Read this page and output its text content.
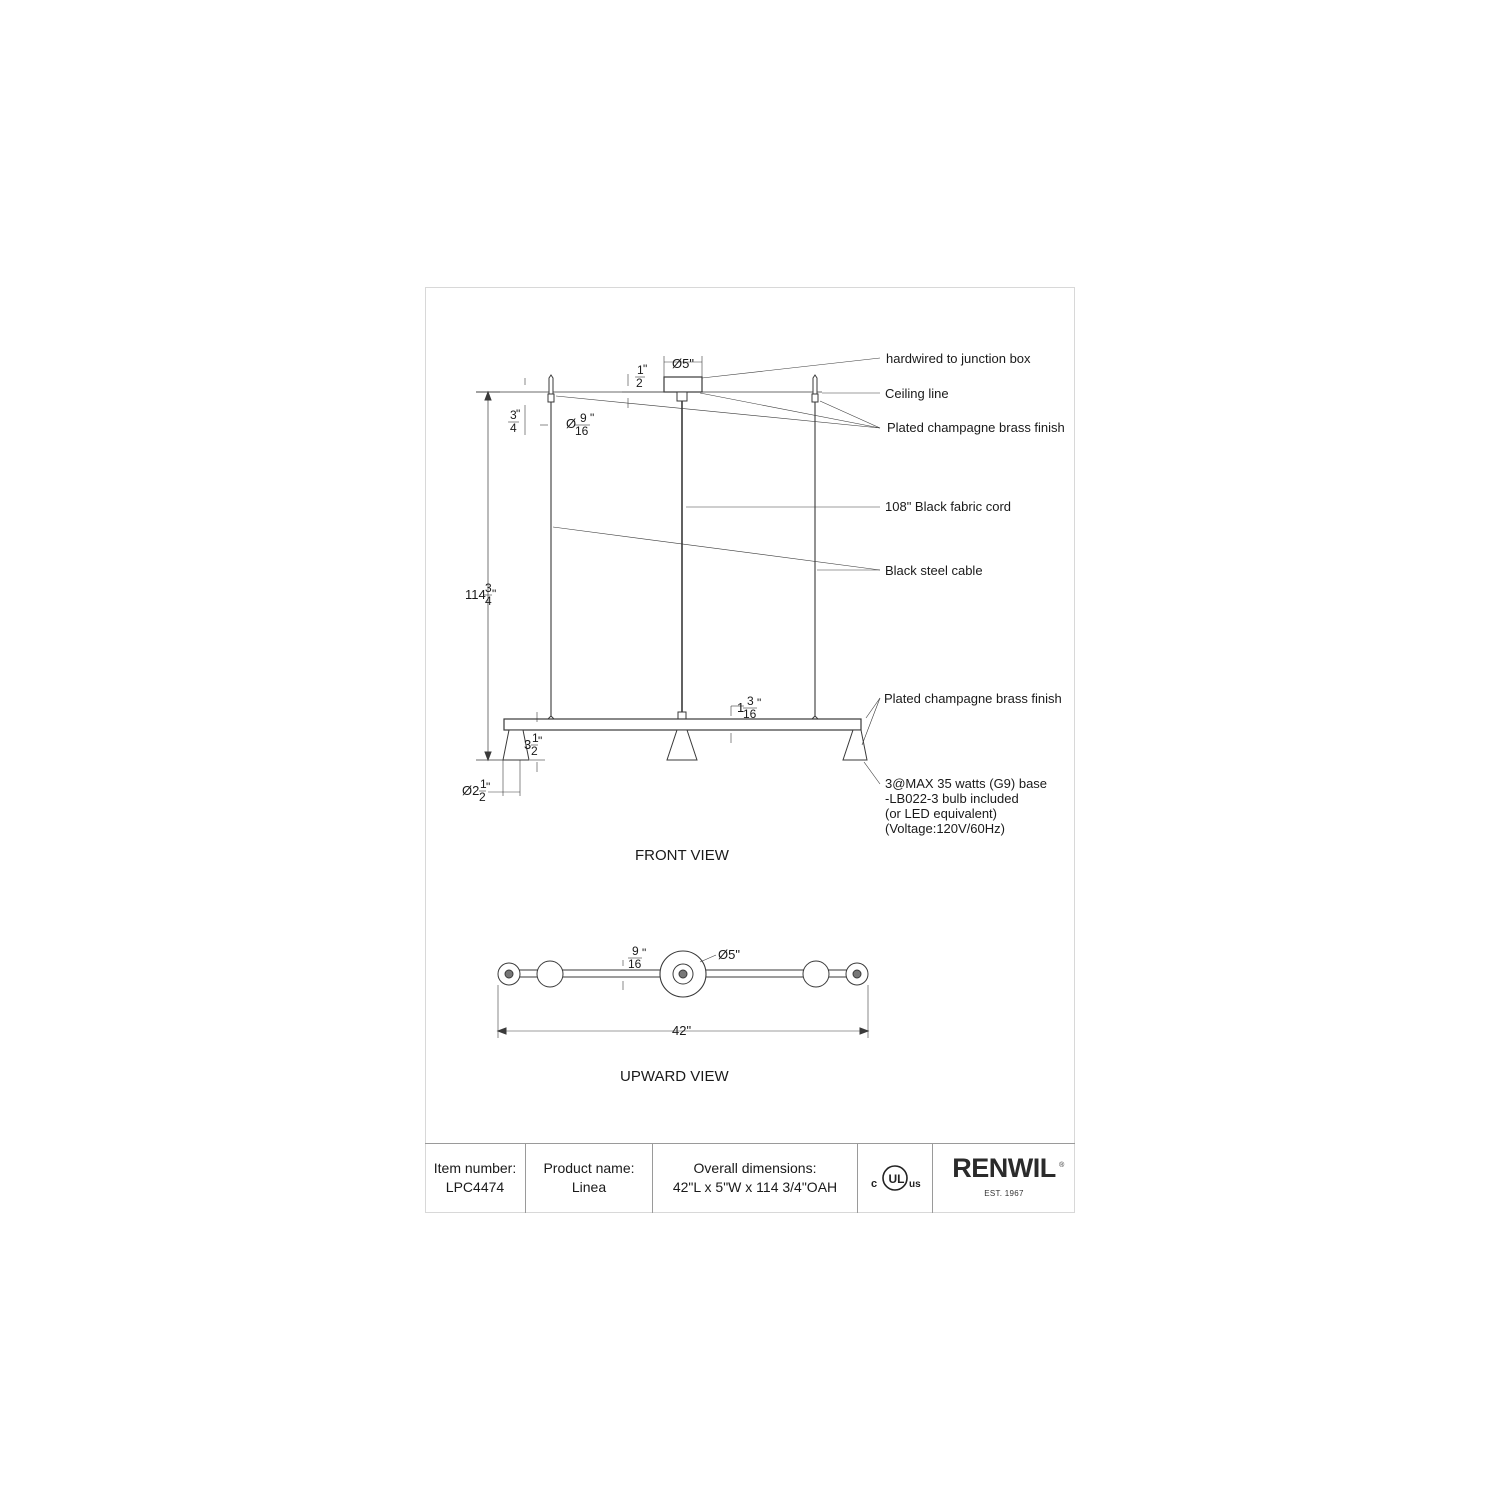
hardwired to junction box
Ceiling line
Plated champagne brass finish
108" Black fabric cord
Black steel cable
Plated champagne brass finish
3@MAX 35 watts (G9) base
-LB022-3 bulb included
(or LED equivalent)
(Voltage:120V/60Hz)
FRONT VIEW
Ø5"
1 "
2
3 "
4	Ø 9
16
"
114 3
4 "
1 3
16
"
3 1
2
"
Ø2 1
2
"
9
16
"	Ø5"
42"
UPWARD VIEW
Item number:
LPC4474
Product name:
Linea
Overall dimensions:
42"L x 5"W x 114 3/4"OAH	UL
c	us
RENWIL ®
EST. 1967
